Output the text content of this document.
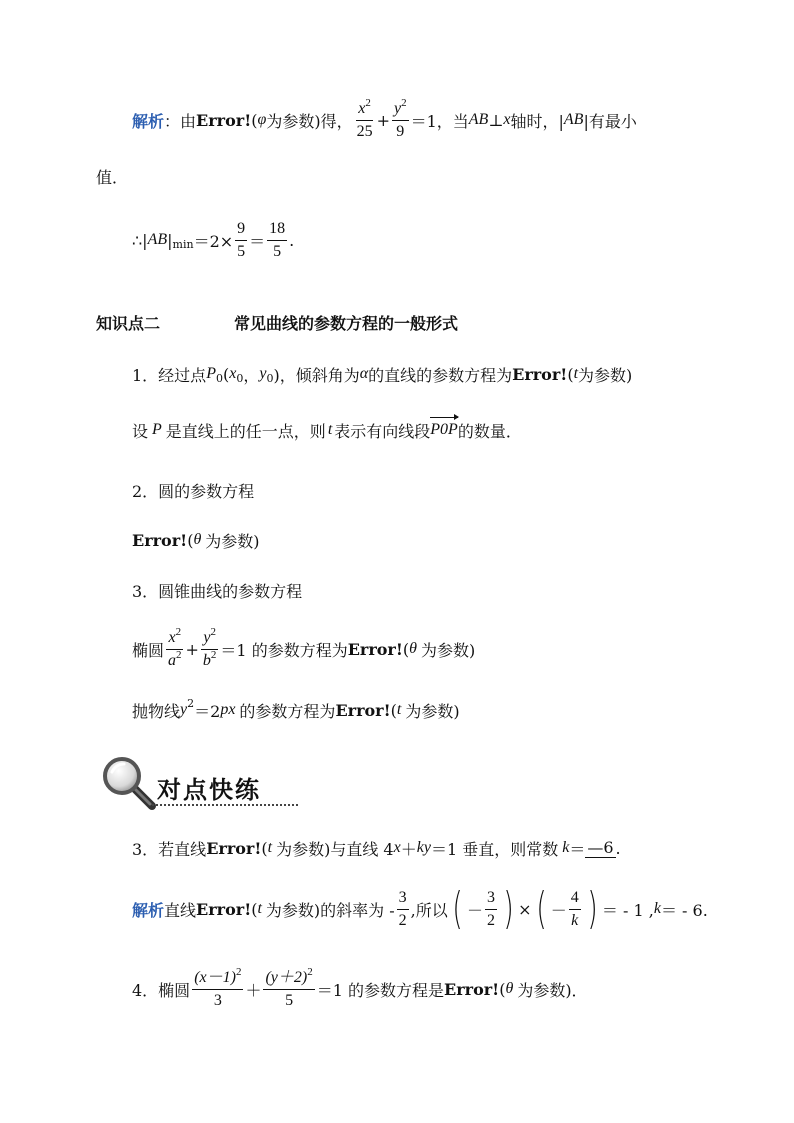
解析 ：由 Error! ( φ 为参数)得， $\frac{x^2}{25} + \frac{y^2}{9} =1$，当 AB ⊥ x 轴时，| AB |有最小
值．
∴| AB | $\min =2\times \frac{9}{5} = \frac{18}{5}$ .
知识点二	常见曲线的参数方程的一般形式
1．经过点 P 0 ( x 0 ， y 0 )，倾斜角为 α 的直线的参数方程为 Error! ( t 为参数)
设 P 是直线上的任一点，则 t 表示有向线段 P0P 的数量．
2．圆的参数方程
Error! ( θ 为参数)
3．圆锥曲线的参数方程
椭圆 $\frac{x^2}{a^2} + \frac{y^2}{b^2} =1$ 的参数方程为 Error! ( θ 为参数)
抛物线 y 2 ＝2 px 的参数方程为 Error! ( t 为参数)
对点快练
3．若直线 Error! ( t 为参数)与直线 4 x ＋ k y ＝1 垂直，则常数 k ＝ —6 .
解析 直线 Error! ( t 为参数)的斜率为 - $\frac{3}{2}$ ,所以 ( － $\frac{3}{2}$ ) × ( － $\frac{4}{k}$ ) ＝ - 1 , k ＝ - 6.
4．椭圆 $\frac{(x-1)^2}{3} + \frac{(y+2)^2}{5} =1$ 的参数方程是 Error! ( θ 为参数)．
